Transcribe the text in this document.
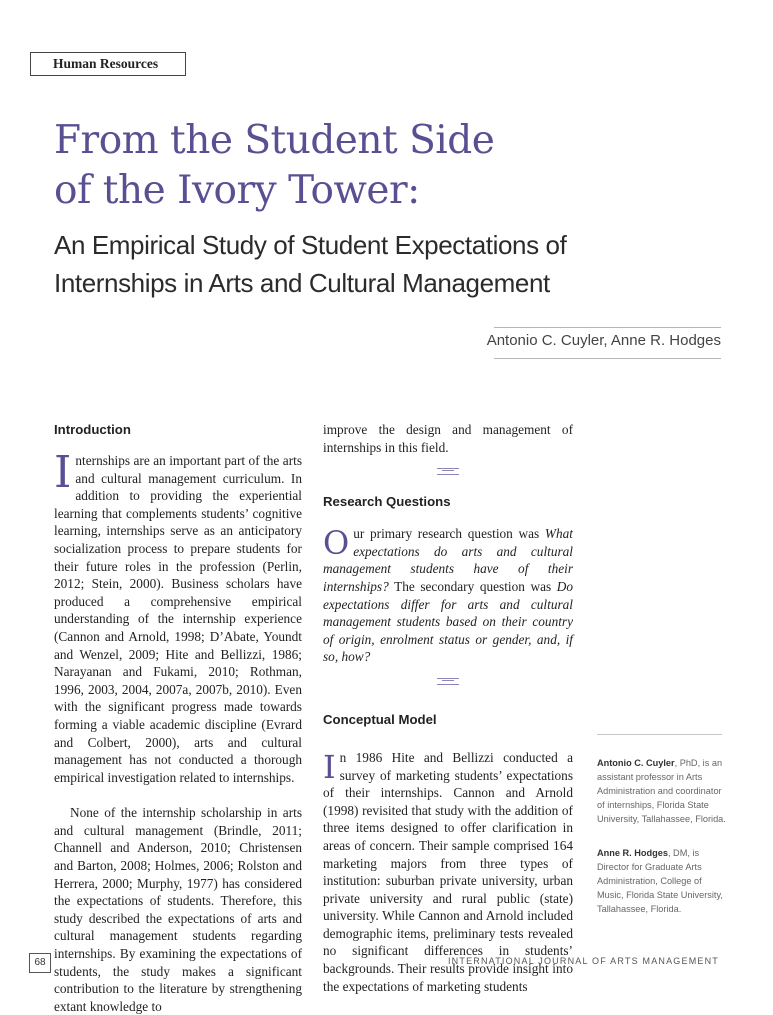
Human Resources
From the Student Side
of the Ivory Tower:
An Empirical Study of Student Expectations of
Internships in Arts and Cultural Management
Antonio C. Cuyler, Anne R. Hodges
Introduction

Internships are an important part of the arts and cultural management curriculum. In addition to providing the experiential learning that complements students’ cognitive learning, internships serve as an anticipatory socialization process to prepare students for their future roles in the profession (Perlin, 2012; Stein, 2000). Business scholars have produced a comprehensive empirical understanding of the internship experience (Cannon and Arnold, 1998; D’Abate, Youndt and Wenzel, 2009; Hite and Bellizzi, 1986; Narayanan and Fukami, 2010; Rothman, 1996, 2003, 2004, 2007a, 2007b, 2010). Even with the significant progress made towards forming a viable academic discipline (Evrard and Colbert, 2000), arts and cultural management has not conducted a thorough empirical investigation related to internships.

None of the internship scholarship in arts and cultural management (Brindle, 2011; Channell and Anderson, 2010; Christensen and Barton, 2008; Holmes, 2006; Rolston and Herrera, 2000; Murphy, 1977) has considered the expectations of students. Therefore, this study described the expectations of arts and cultural management students regarding internships. By examining the expectations of students, the study makes a significant contribution to the literature by strengthening extant knowledge to

improve the design and management of internships in this field.

Research Questions

Our primary research question was What expectations do arts and cultural management students have of their internships? The secondary question was Do expectations differ for arts and cultural management students based on their country of origin, enrolment status or gender, and, if so, how?

Conceptual Model

In 1986 Hite and Bellizzi conducted a survey of marketing students’ expectations of their internships. Cannon and Arnold (1998) revisited that study with the addition of three items designed to offer clarification in areas of concern. Their sample comprised 164 marketing majors from three types of institution: suburban private university, urban private university and rural public (state) university. While Cannon and Arnold included demographic items, preliminary tests revealed no significant differences in students’ backgrounds. Their results provide insight into the expectations of marketing students

Antonio C. Cuyler, PhD, is an assistant professor in Arts Administration and coordinator of internships, Florida State University, Tallahassee, Florida.
Anne R. Hodges, DM, is Director for Graduate Arts Administration, College of Music, Florida State University, Tallahassee, Florida.
68	INTERNATIONAL JOURNAL OF ARTS MANAGEMENT
